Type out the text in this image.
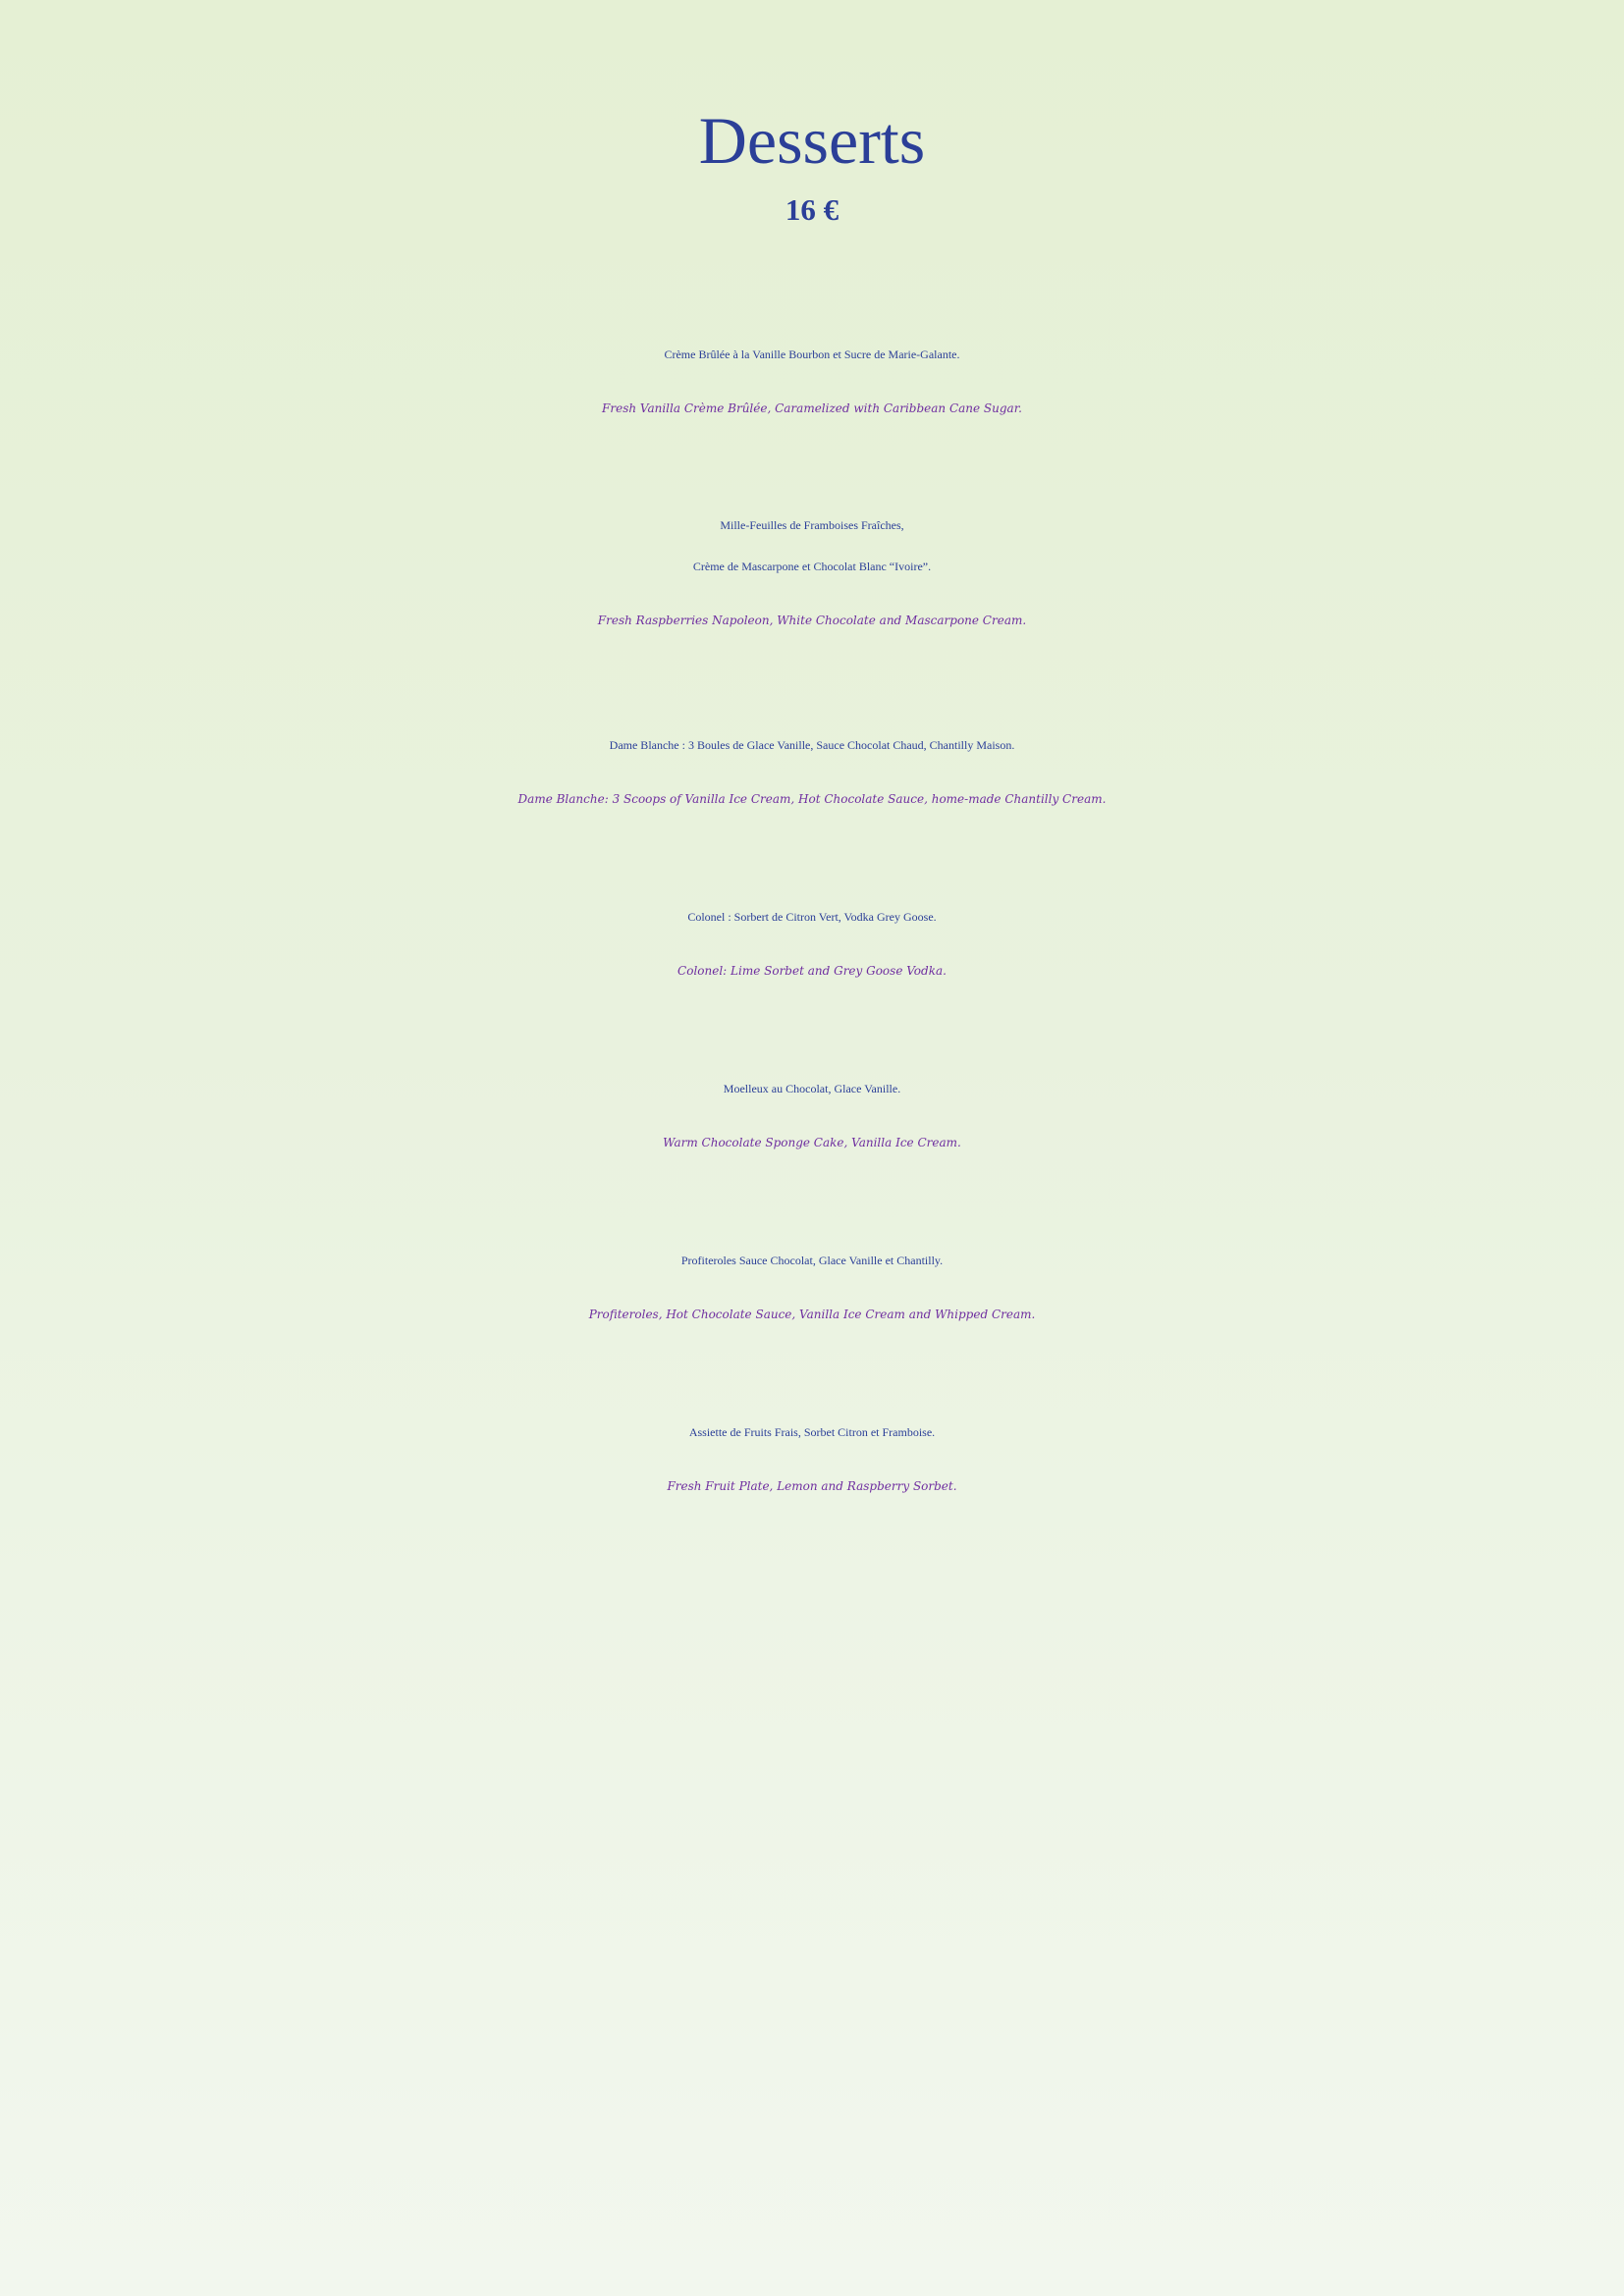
Desserts
16 €
Crème Brûlée à la Vanille Bourbon et Sucre de Marie-Galante.
Fresh Vanilla Crème Brûlée, Caramelized with Caribbean Cane Sugar.
Mille-Feuilles de Framboises Fraîches,
Crème de Mascarpone et Chocolat Blanc “Ivoire”.
Fresh Raspberries Napoleon, White Chocolate and Mascarpone Cream.
Dame Blanche : 3 Boules de Glace Vanille, Sauce Chocolat Chaud, Chantilly Maison.
Dame Blanche: 3 Scoops of Vanilla Ice Cream, Hot Chocolate Sauce, home-made Chantilly Cream.
Colonel : Sorbert de Citron Vert, Vodka Grey Goose.
Colonel: Lime Sorbet and Grey Goose Vodka.
Moelleux au Chocolat, Glace Vanille.
Warm Chocolate Sponge Cake, Vanilla Ice Cream.
Profiteroles Sauce Chocolat, Glace Vanille et Chantilly.
Profiteroles, Hot Chocolate Sauce, Vanilla Ice Cream and Whipped Cream.
Assiette de Fruits Frais, Sorbet Citron et Framboise.
Fresh Fruit Plate, Lemon and Raspberry Sorbet.
